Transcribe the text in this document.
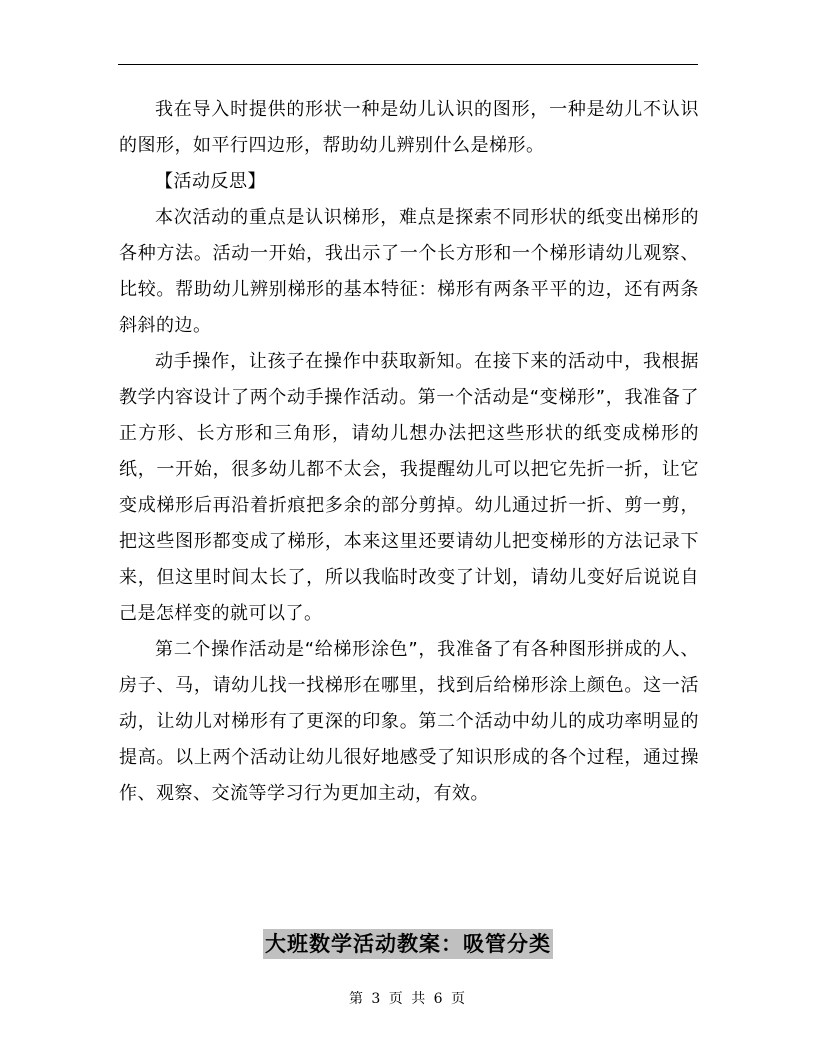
我在导入时提供的形状一种是幼儿认识的图形，一种是幼儿不认识的图形，如平行四边形，帮助幼儿辨别什么是梯形。

【活动反思】

本次活动的重点是认识梯形，难点是探索不同形状的纸变出梯形的各种方法。活动一开始，我出示了一个长方形和一个梯形请幼儿观察、比较。帮助幼儿辨别梯形的基本特征：梯形有两条平平的边，还有两条斜斜的边。

动手操作，让孩子在操作中获取新知。在接下来的活动中，我根据教学内容设计了两个动手操作活动。第一个活动是“变梯形”，我准备了正方形、长方形和三角形，请幼儿想办法把这些形状的纸变成梯形的纸，一开始，很多幼儿都不太会，我提醒幼儿可以把它先折一折，让它变成梯形后再沿着折痕把多余的部分剪掉。幼儿通过折一折、剪一剪，把这些图形都变成了梯形，本来这里还要请幼儿把变梯形的方法记录下来，但这里时间太长了，所以我临时改变了计划，请幼儿变好后说说自己是怎样变的就可以了。

第二个操作活动是“给梯形涂色”，我准备了有各种图形拼成的人、房子、马，请幼儿找一找梯形在哪里，找到后给梯形涂上颜色。这一活动，让幼儿对梯形有了更深的印象。第二个活动中幼儿的成功率明显的提高。以上两个活动让幼儿很好地感受了知识形成的各个过程，通过操作、观察、交流等学习行为更加主动，有效。

大班数学活动教案：吸管分类
第 3 页 共 6 页
